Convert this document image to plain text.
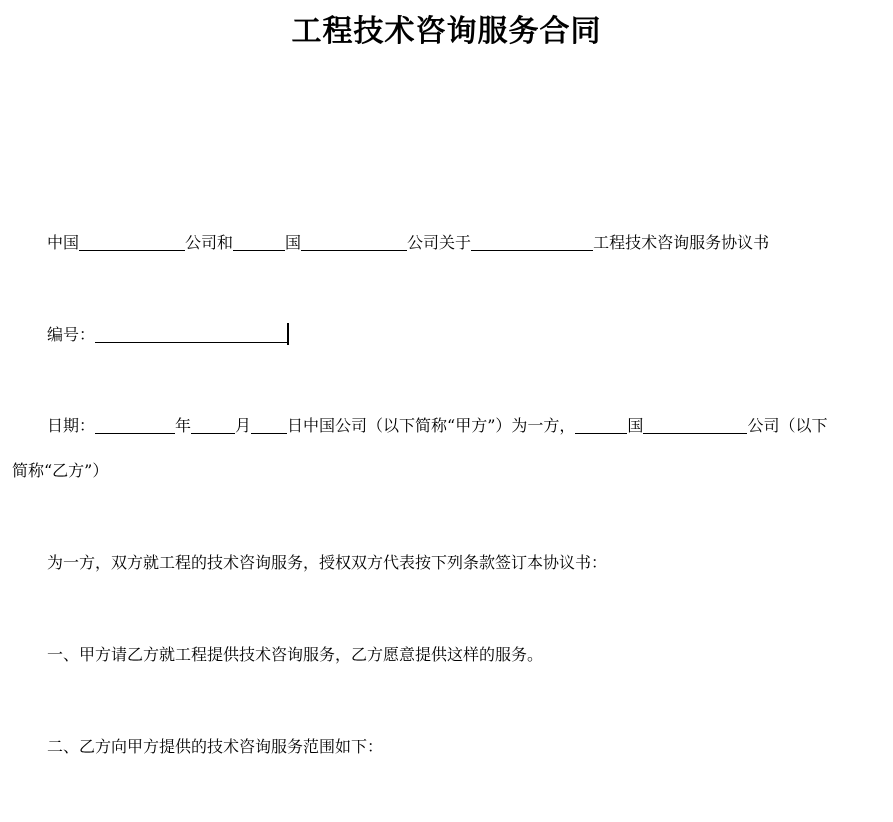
工程技术咨询服务合同
中国	公司和	国	公司关于	工程技术咨询服务协议书
编号：
日期：	年	月 日中国公司（以下简称“甲方”）为一方，	国	公司（以下
简称“乙方”）
为一方，双方就工程的技术咨询服务，授权双方代表按下列条款签订本协议书：
一、甲方请乙方就工程提供技术咨询服务，乙方愿意提供这样的服务。
二、乙方向甲方提供的技术咨询服务范围如下：
